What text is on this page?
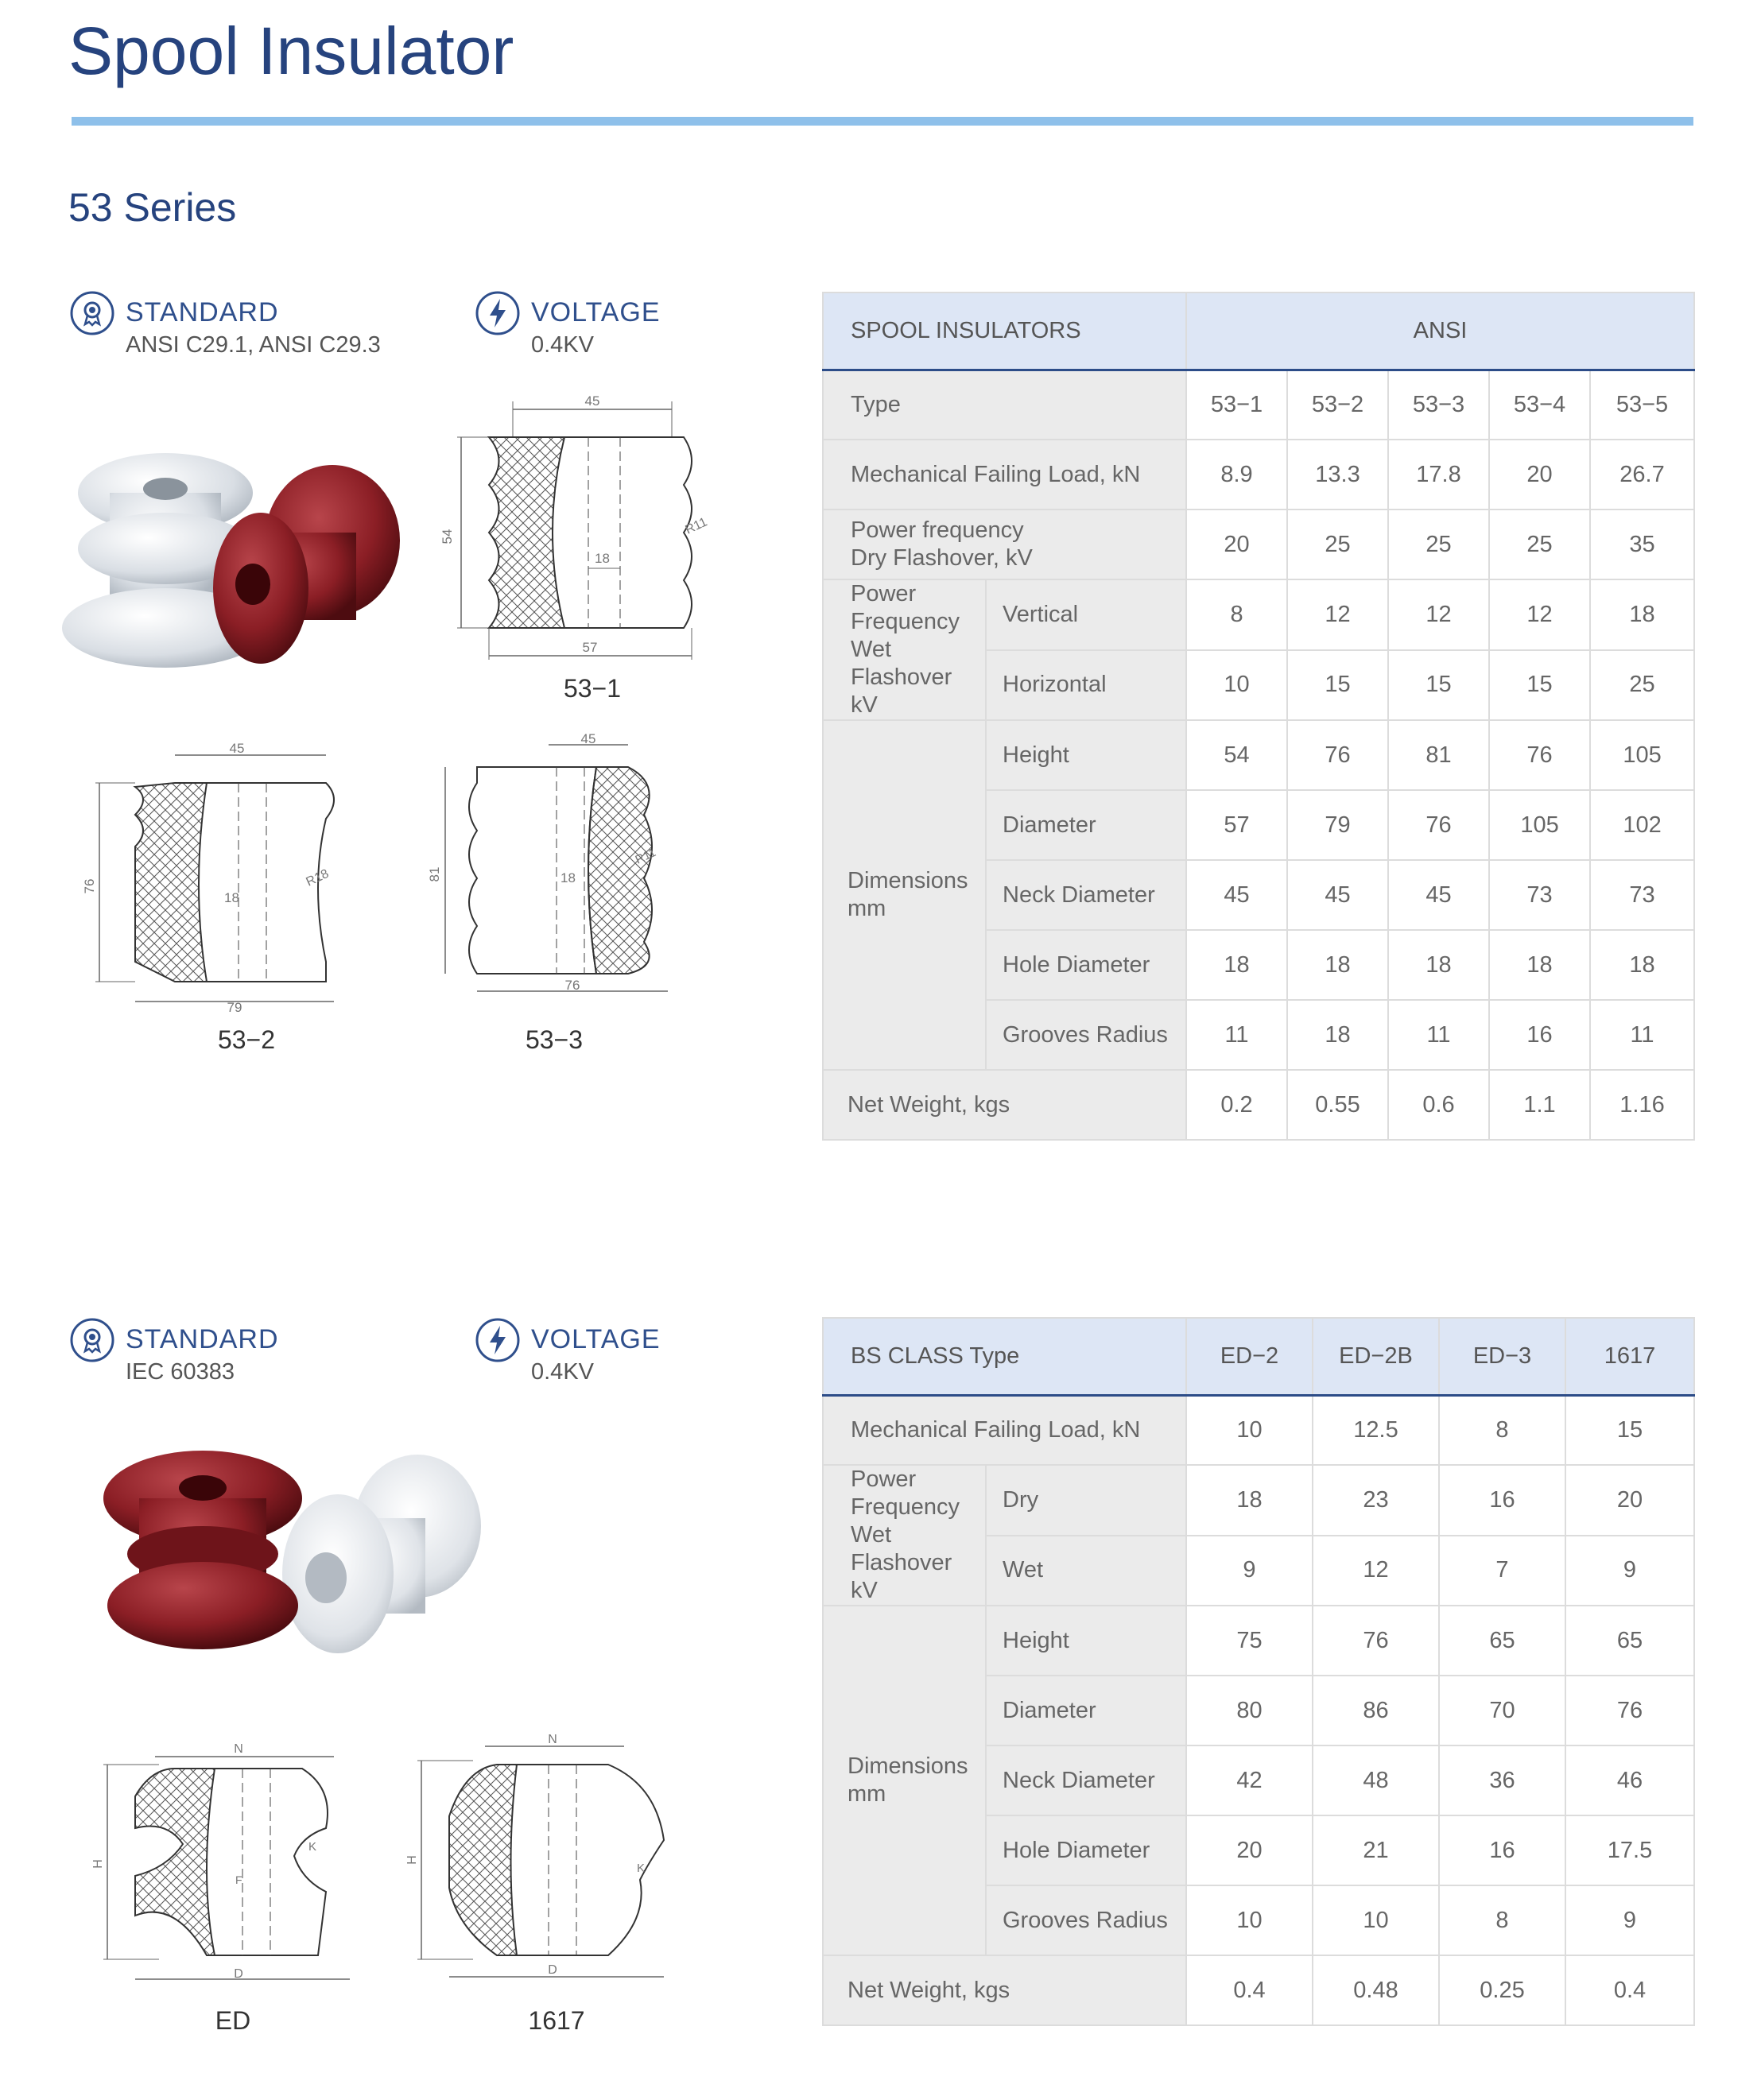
Spool Insulator
53 Series
STANDARD
ANSI C29.1, ANSI C29.3
VOLTAGE
0.4KV
45
54
18
57
R11
53−1
45
76
18
79
R18
53−2
45
81	18
76
R11
53−3
SPOOL INSULATORS		ANSI				
Type		53−1	53−2	53−3	53−4	53−5
Mechanical Failing Load, kN		8.9	13.3	17.8	20	26.7

Power frequency
Dry Flashover, kV		20	25	25	25	35

Power
Frequency
Wet
Flashover kV	Vertical	8	12	12	12	18
	Horizontal	10	15	15	15	25

Dimensions
mm	Height	54	76	81	76	105
	Diameter	57	79	76	105	102
	Neck Diameter	45	45	45	73	73
	Hole Diameter	18	18	18	18	18
	Grooves Radius	11	18	11	16	11
Net Weight, kgs		0.2	0.55	0.6	1.1	1.16
STANDARD
IEC 60383
VOLTAGE
0.4KV
N
H
D
F
K
ED
N
H
D
K
1617
BS CLASS Type		ED−2	ED−2B	ED−3	1617
Mechanical Failing Load, kN		10	12.5	8	15

Power
Frequency
Wet
Flashover kV	Dry	18	23	16	20
	Wet	9	12	7	9

Dimensions
mm	Height	75	76	65	65
	Diameter	80	86	70	76
	Neck Diameter	42	48	36	46
	Hole Diameter	20	21	16	17.5
	Grooves Radius	10	10	8	9
Net Weight, kgs		0.4	0.48	0.25	0.4
